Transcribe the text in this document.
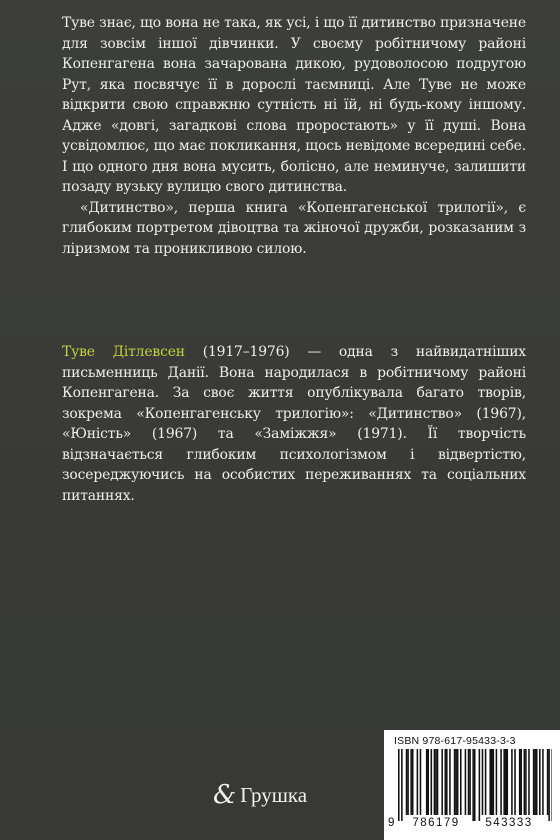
Туве знає, що вона не така, як усі, і що її дитинство призначене для зовсім іншої дівчинки. У своєму робітничому районі Копенгагена вона зачарована дикою, рудоволосою подругою Рут, яка посвячує її в дорослі таємниці. Але Туве не може відкрити свою справжню сутність ні їй, ні будь-кому іншому. Адже «довгі, загадкові слова проростають» у її душі. Вона усвідомлює, що має покликання, щось невідоме всередині себе. І що одного дня вона мусить, болісно, але неминуче, залишити позаду вузьку вулицю свого дитинства.

«Дитинство», перша книга «Копенгагенської трилогії», є глибоким портретом дівоцтва та жіночої дружби, розказаним з ліризмом та проникливою силою.

Туве Дітлевсен (1917–1976) — одна з найвидатніших письменниць Данії. Вона народилася в робітничому районі Копенгагена. За своє життя опублікувала багато творів, зокрема «Копенгагенську трилогію»: «Дитинство» (1967), «Юність» (1967) та «Заміжжя» (1971). Її творчість відзначається глибоким психологізмом і відвертістю, зосереджуючись на особистих переживаннях та соціальних питаннях.
& Грушка
ISBN 978-617-95433-3-3
9	786179	543333
